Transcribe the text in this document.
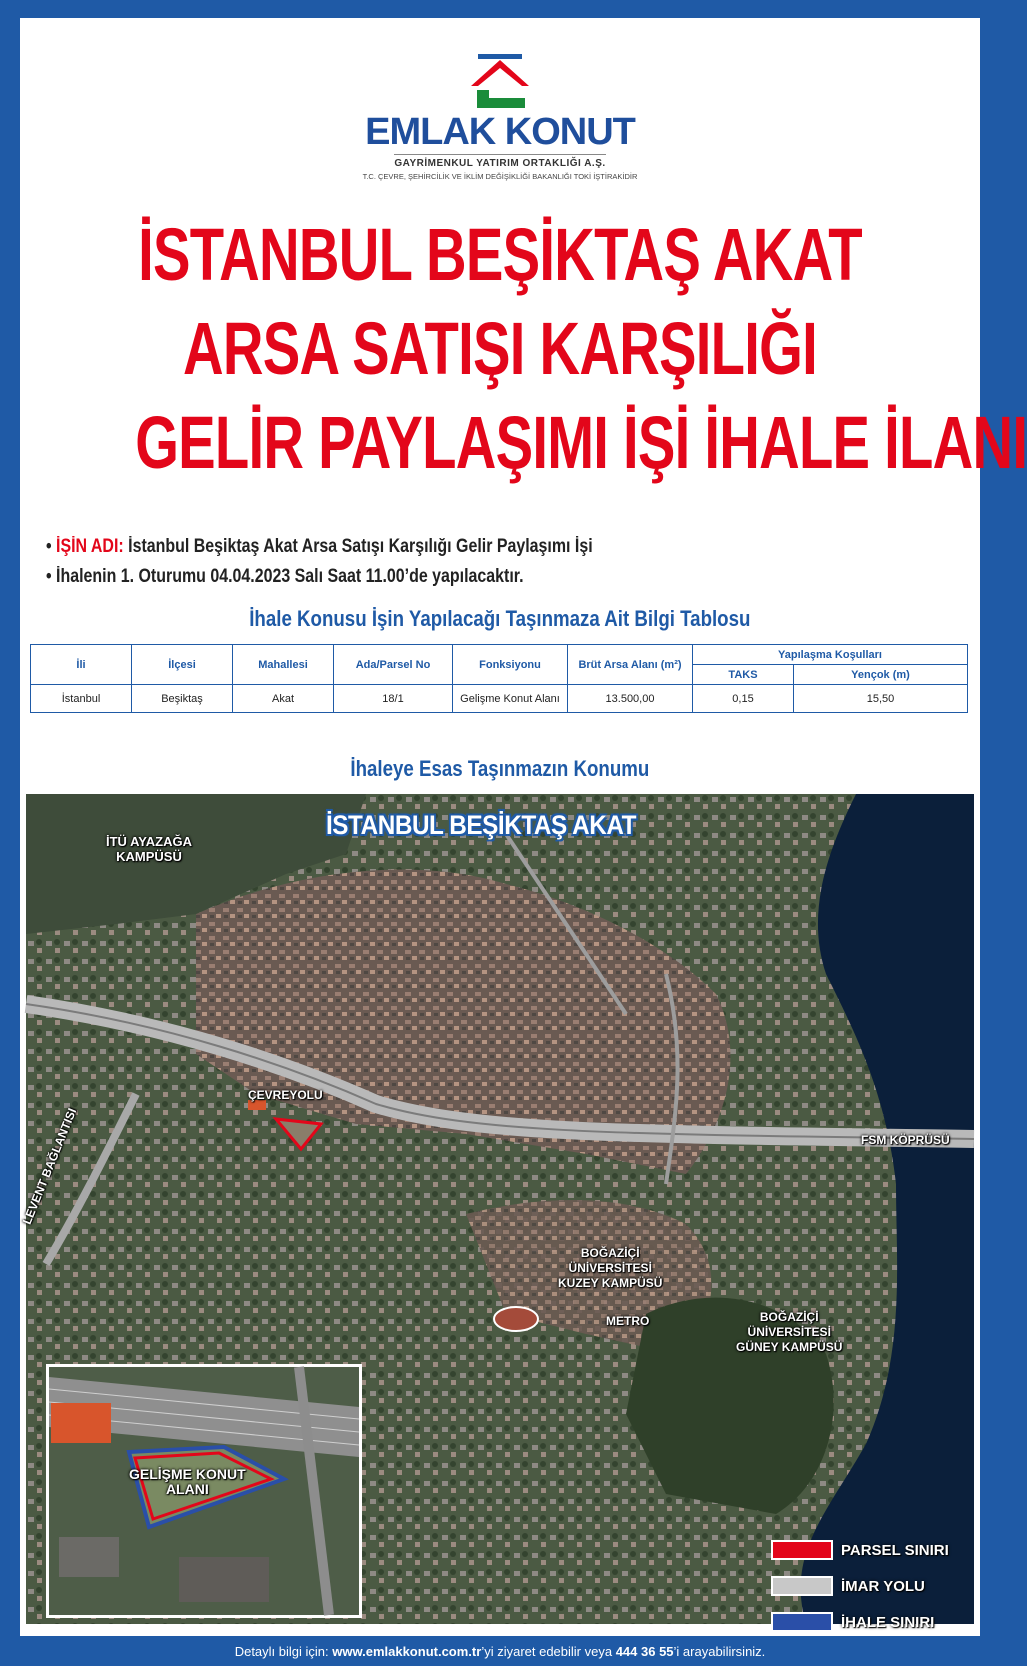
EMLAK KONUT
GAYRİMENKUL YATIRIM ORTAKLIĞI A.Ş.
T.C. ÇEVRE, ŞEHİRCİLİK VE İKLİM DEĞİŞİKLİĞİ BAKANLIĞI TOKİ İŞTİRAKİDİR
İSTANBUL BEŞİKTAŞ AKAT
ARSA SATIŞI KARŞILIĞI
GELİR PAYLAŞIMI İŞİ İHALE İLANI
• İŞİN ADI: İstanbul Beşiktaş Akat Arsa Satışı Karşılığı Gelir Paylaşımı İşi
• İhalenin 1. Oturumu 04.04.2023 Salı Saat 11.00’de yapılacaktır.
İhale Konusu İşin Yapılacağı Taşınmaza Ait Bilgi Tablosu
İli	İlçesi	Mahallesi	Ada/Parsel No	Fonksiyonu	Brüt Arsa Alanı (m²)	Yapılaşma Koşulları	
						TAKS	Yençok (m)
İstanbul	Beşiktaş	Akat	18/1	Gelişme Konut Alanı	13.500,00	0,15	15,50
İhaleye Esas Taşınmazın Konumu
İSTANBUL BEŞİKTAŞ AKAT
İTÜ AYAZAĞA
KAMPÜSÜ
ÇEVREYOLU
LEVENT BAĞLANTISI	FSM KÖPRÜSÜ
BOĞAZİÇİ
ÜNİVERSİTESİ
KUZEY KAMPÜSÜ
METRO	BOĞAZİÇİ
ÜNİVERSİTESİ
GÜNEY KAMPÜSÜ
GELİŞME KONUT
ALANI
PARSEL SINIRI
İMAR YOLU
İHALE SINIRI
Detaylı bilgi için: www.emlakkonut.com.tr’yi ziyaret edebilir veya 444 36 55’i arayabilirsiniz.
